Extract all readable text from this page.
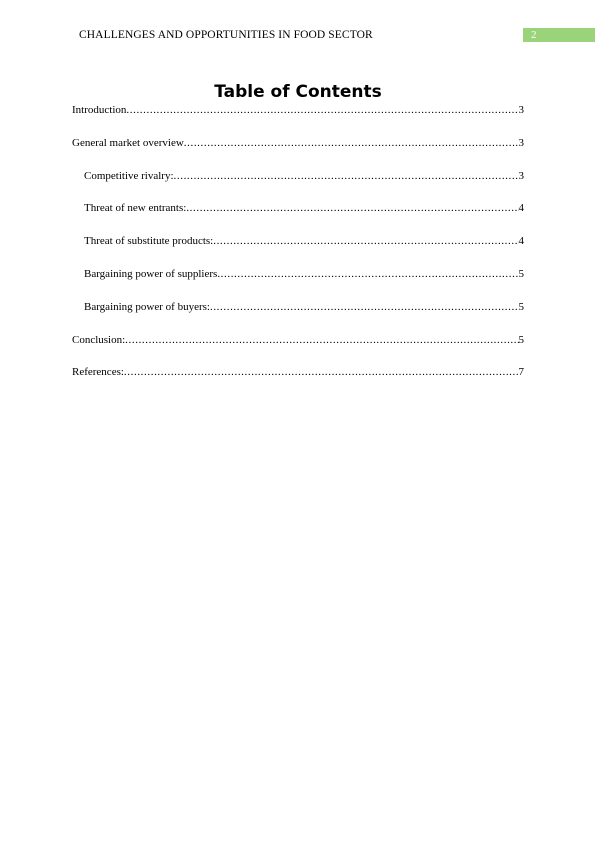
CHALLENGES AND OPPORTUNITIES IN FOOD SECTOR	2
Table of Contents
Introduction .....	3
General market overview .....	3
Competitive rivalry: .....	3
Threat of new entrants: .....	4
Threat of substitute products: .....	4
Bargaining power of suppliers .....	5
Bargaining power of buyers: .....	5
Conclusion: .....	5
References: .....	7
